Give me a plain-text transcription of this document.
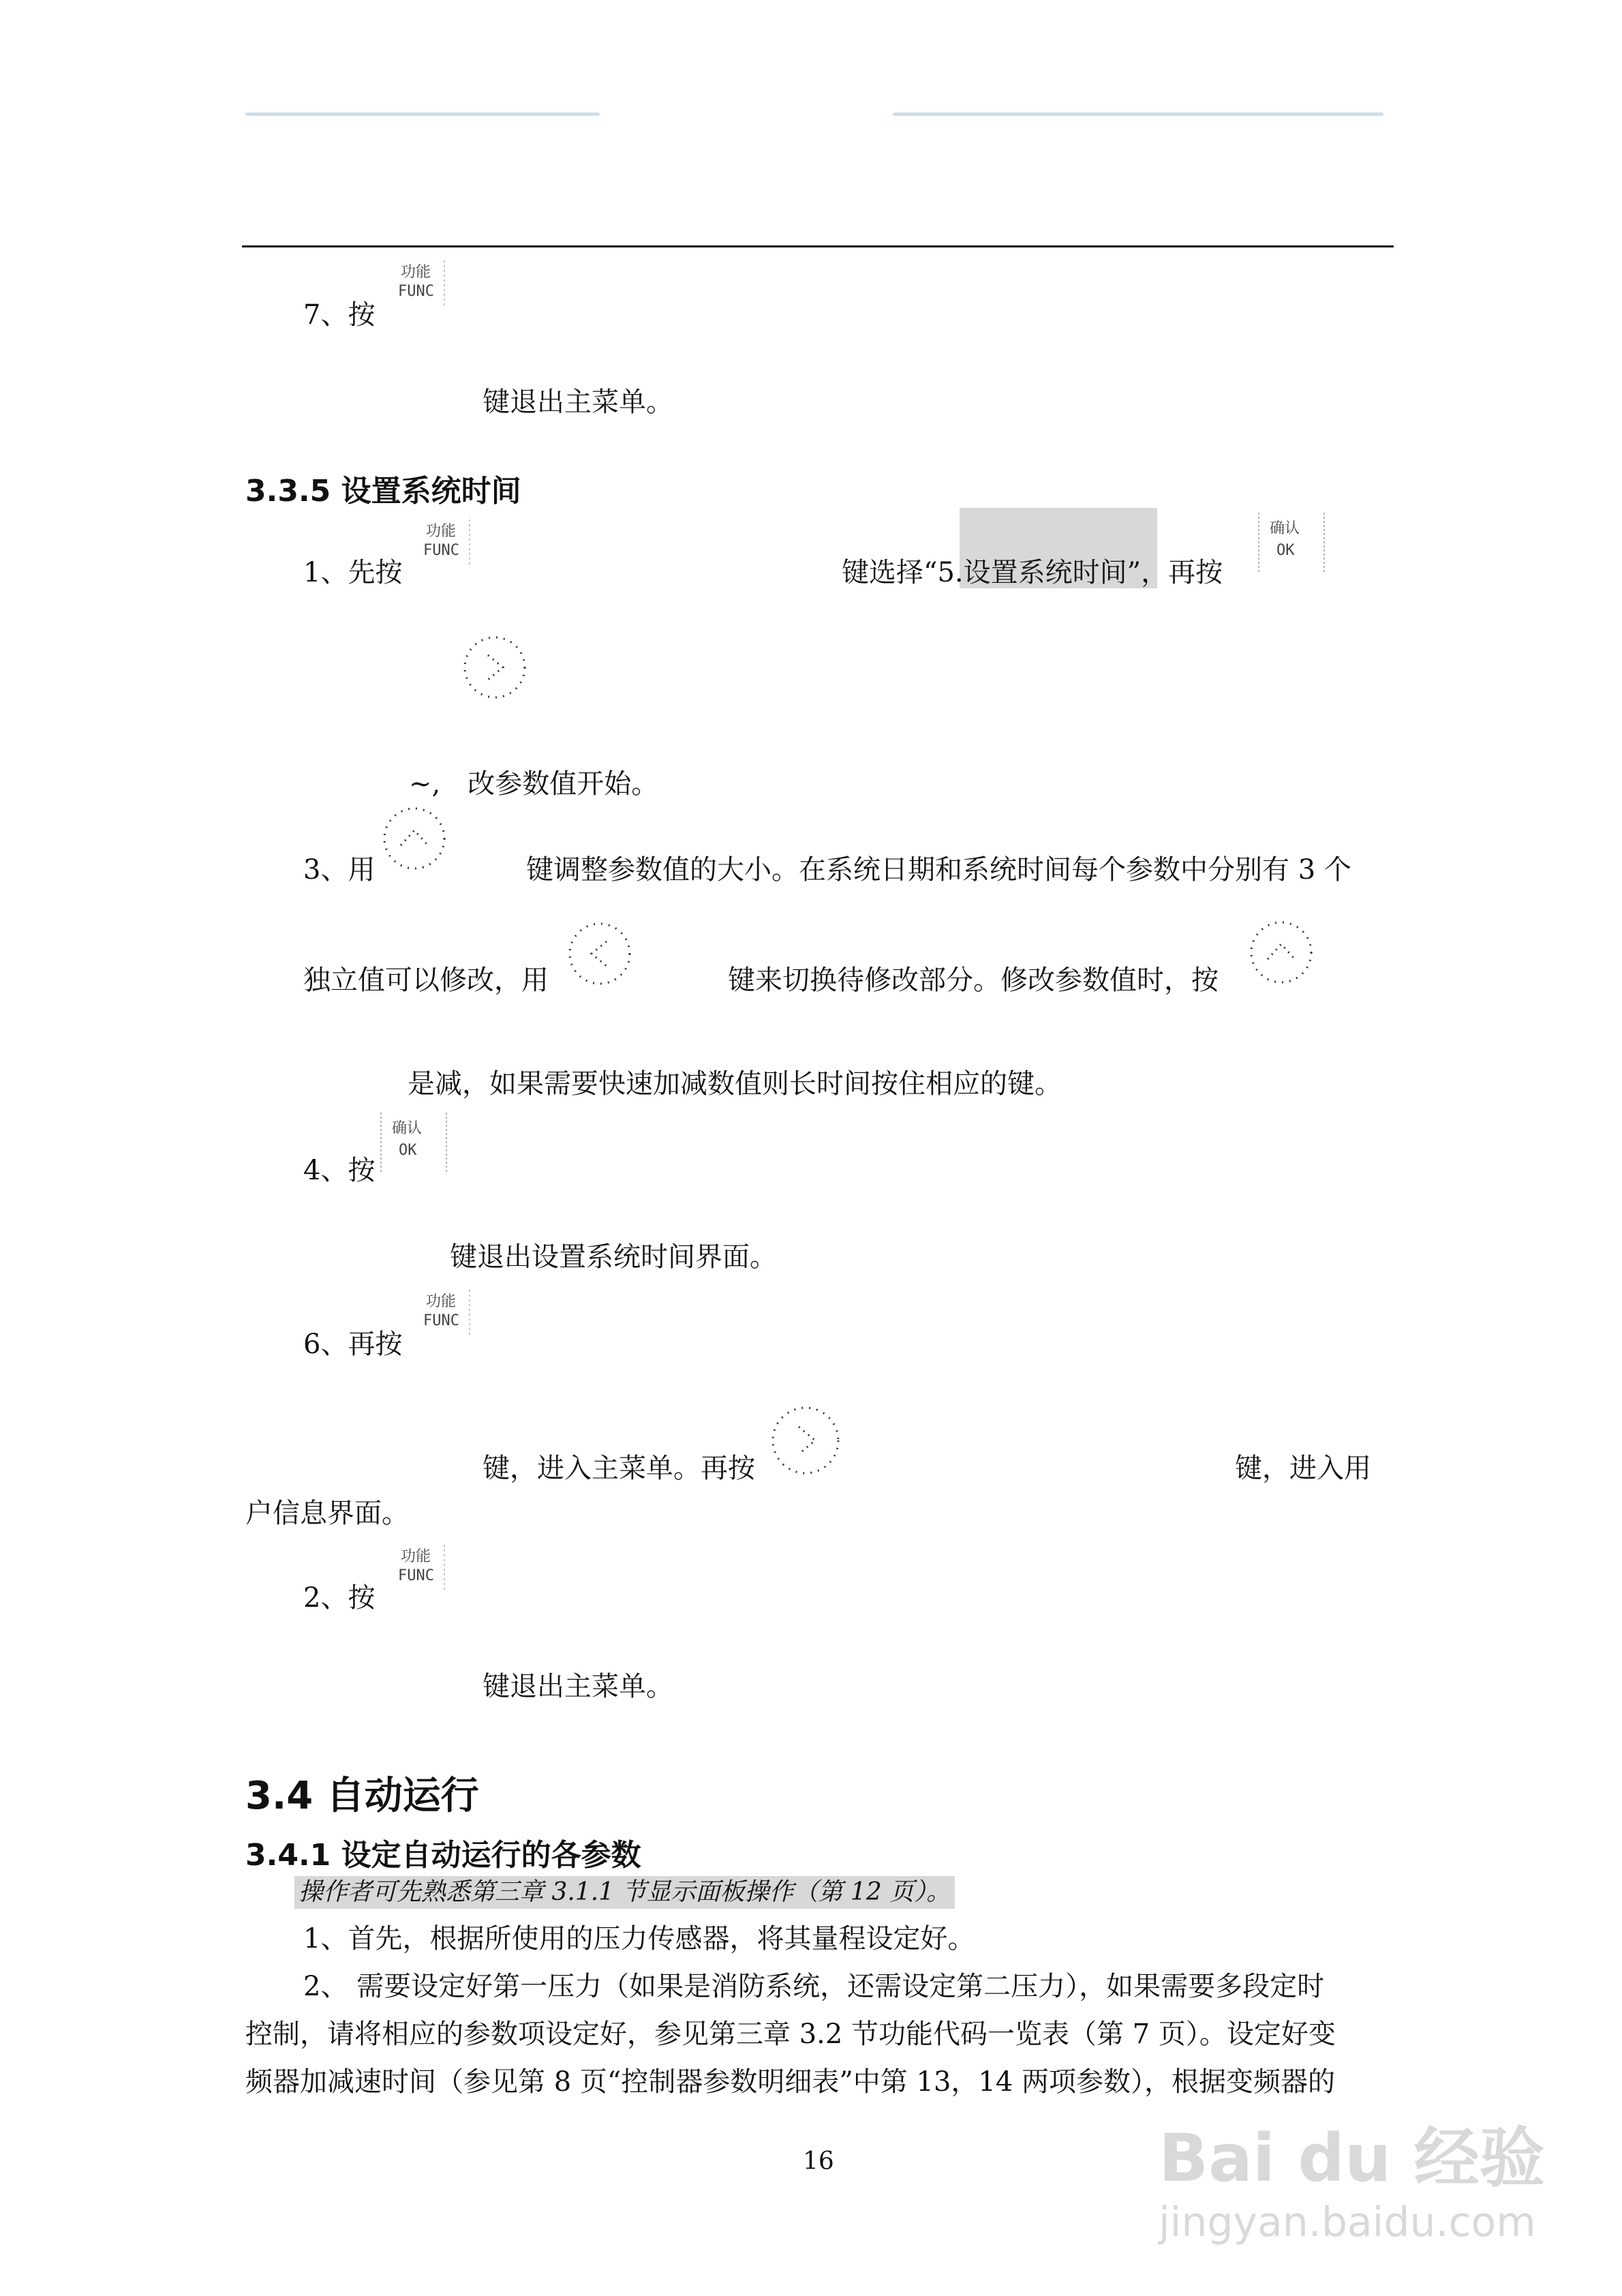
7、按
功能
FUNC
键退出主菜单。
3.3.5 设置系统时间
1、先按
功能
FUNC
键选择“5.设置系统时间”，再按
确认
OK
~,　改参数值开始。
3、用	键调整参数值的大小。在系统日期和系统时间每个参数中分别有 3 个
独立值可以修改，用	键来切换待修改部分。修改参数值时，按
是减，如果需要快速加减数值则长时间按住相应的键。
4、按
确认
OK
键退出设置系统时间界面。
6、再按
功能
FUNC
键，进入主菜单。再按	键，进入用
户信息界面。
2、按
功能
FUNC
键退出主菜单。
3.4 自动运行
3.4.1 设定自动运行的各参数
操作者可先熟悉第三章 3.1.1 节显示面板操作（第 12 页）。
1、首先，根据所使用的压力传感器，将其量程设定好。
2、 需要设定好第一压力（如果是消防系统，还需设定第二压力），如果需要多段定时
控制，请将相应的参数项设定好，参见第三章 3.2 节功能代码一览表（第 7 页）。设定好变
频器加减速时间（参见第 8 页“控制器参数明细表”中第 13，14 两项参数），根据变频器的
16	Bai du 经验
jingyan.baidu.com
